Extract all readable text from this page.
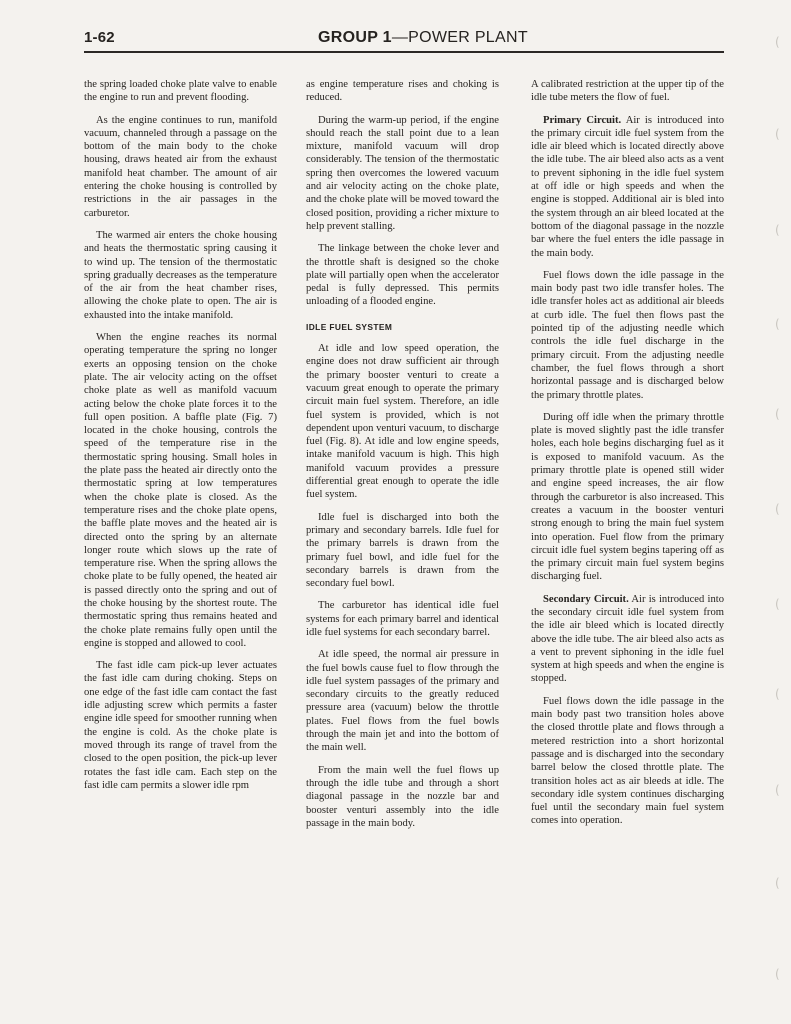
1-62	GROUP 1—POWER PLANT

the spring loaded choke plate valve to enable the engine to run and prevent flooding.

As the engine continues to run, manifold vacuum, channeled through a passage on the bottom of the main body to the choke housing, draws heated air from the exhaust manifold heat chamber. The amount of air entering the choke housing is controlled by restrictions in the air passages in the carburetor.

The warmed air enters the choke housing and heats the thermostatic spring causing it to wind up. The tension of the thermostatic spring gradually decreases as the temperature of the air from the heat chamber rises, allowing the choke plate to open. The air is exhausted into the intake manifold.

When the engine reaches its normal operating temperature the spring no longer exerts an opposing tension on the choke plate. The air velocity acting on the offset choke plate as well as manifold vacuum acting below the choke plate forces it to the full open position. A baffle plate (Fig. 7) located in the choke housing, controls the speed of the temperature rise in the thermostatic spring housing. Small holes in the plate pass the heated air directly onto the thermostatic spring at low temperatures when the choke plate is closed. As the temperature rises and the choke plate opens, the baffle plate moves and the heated air is directed onto the spring by an alternate longer route which slows up the rate of temperature rise. When the spring allows the choke plate to be fully opened, the heated air is passed directly onto the spring and out of the choke housing by the shortest route. The thermostatic spring thus remains heated and the choke plate remains fully open until the engine is stopped and allowed to cool.

The fast idle cam pick-up lever actuates the fast idle cam during choking. Steps on one edge of the fast idle cam contact the fast idle adjusting screw which permits a faster engine idle speed for smoother running when the engine is cold. As the choke plate is moved through its range of travel from the closed to the open position, the pick-up lever rotates the fast idle cam. Each step on the fast idle cam permits a slower idle rpm

as engine temperature rises and choking is reduced.

During the warm-up period, if the engine should reach the stall point due to a lean mixture, manifold vacuum will drop considerably. The tension of the thermostatic spring then overcomes the lowered vacuum and air velocity acting on the choke plate, and the choke plate will be moved toward the closed position, providing a richer mixture to help prevent stalling.

The linkage between the choke lever and the throttle shaft is designed so the choke plate will partially open when the accelerator pedal is fully depressed. This permits unloading of a flooded engine.

IDLE FUEL SYSTEM

At idle and low speed operation, the engine does not draw sufficient air through the primary booster venturi to create a vacuum great enough to operate the primary circuit main fuel system. Therefore, an idle fuel system is provided, which is not dependent upon venturi vacuum, to discharge fuel (Fig. 8). At idle and low engine speeds, intake manifold vacuum is high. This high manifold vacuum provides a pressure differential great enough to operate the idle fuel system.

Idle fuel is discharged into both the primary and secondary barrels. Idle fuel for the primary barrels is drawn from the primary fuel bowl, and idle fuel for the secondary barrels is drawn from the secondary fuel bowl.

The carburetor has identical idle fuel systems for each primary barrel and identical idle fuel systems for each secondary barrel.

At idle speed, the normal air pressure in the fuel bowls cause fuel to flow through the idle fuel system passages of the primary and secondary circuits to the greatly reduced pressure area (vacuum) below the throttle plates. Fuel flows from the fuel bowls through the main jet and into the bottom of the main well.

From the main well the fuel flows up through the idle tube and through a short diagonal passage in the nozzle bar and booster venturi assembly into the idle passage in the main body.

A calibrated restriction at the upper tip of the idle tube meters the flow of fuel.

Primary Circuit. Air is introduced into the primary circuit idle fuel system from the idle air bleed which is located directly above the idle tube. The air bleed also acts as a vent to prevent siphoning in the idle fuel system at off idle or high speeds and when the engine is stopped. Additional air is bled into the system through an air bleed located at the bottom of the diagonal passage in the nozzle bar where the fuel enters the idle passage in the main body.

Fuel flows down the idle passage in the main body past two idle transfer holes. The idle transfer holes act as additional air bleeds at curb idle. The fuel then flows past the pointed tip of the adjusting needle which controls the idle fuel discharge in the primary circuit. From the adjusting needle chamber, the fuel flows through a short horizontal passage and is discharged below the primary throttle plates.

During off idle when the primary throttle plate is moved slightly past the idle transfer holes, each hole begins discharging fuel as it is exposed to manifold vacuum. As the primary throttle plate is opened still wider and engine speed increases, the air flow through the carburetor is also increased. This creates a vacuum in the booster venturi strong enough to bring the main fuel system into operation. Fuel flow from the primary circuit idle fuel system begins tapering off as the primary circuit main fuel system begins discharging fuel.

Secondary Circuit. Air is introduced into the secondary circuit idle fuel system from the idle air bleed which is located directly above the idle tube. The air bleed also acts as a vent to prevent siphoning in the idle fuel system at high speeds and when the engine is stopped.

Fuel flows down the idle passage in the main body past two transition holes above the closed throttle plate and flows through a metered restriction into a short horizontal passage and is discharged into the secondary barrel below the closed throttle plate. The transition holes act as air bleeds at idle. The secondary idle system continues discharging fuel until the secondary main fuel system comes into operation.

(
(
(
(
(
(
(
(
(
(
(
